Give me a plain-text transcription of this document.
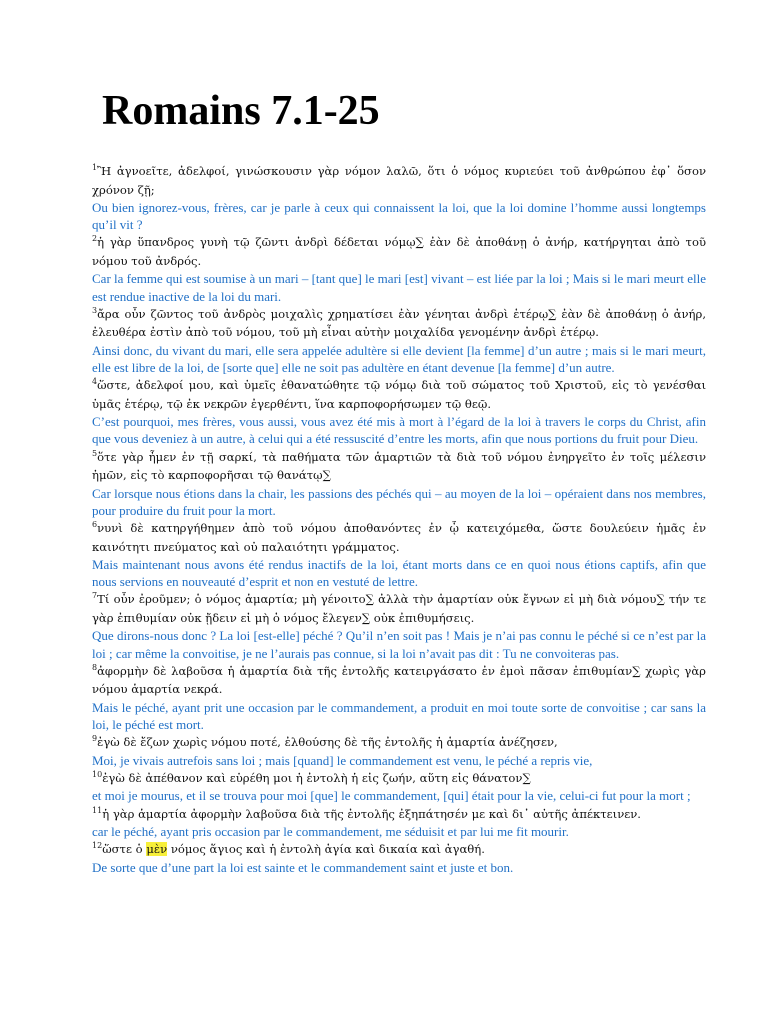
Romains 7.1-25

$^1$Ἢ ἀγνοεῖτε, ἀδελφοί, γινώσκουσιν γὰρ νόμον λαλῶ, ὅτι ὁ νόμος κυριεύει τοῦ ἀνθρώπου ἐφ᾽ ὅσον χρόνον ζῇ;

Ou bien ignorez-vous, frères, car je parle à ceux qui connaissent la loi, que la loi domine l’homme aussi longtemps qu’il vit ?

$^2$ἡ γὰρ ὕπανδρος γυνὴ τῷ ζῶντι ἀνδρὶ δέδεται νόμῳ∑ ἐὰν δὲ ἀποθάνῃ ὁ ἀνήρ, κατήργηται ἀπὸ τοῦ νόμου τοῦ ἀνδρός.

Car la femme qui est soumise à un mari – [tant que] le mari [est] vivant – est liée par la loi ; Mais si le mari meurt elle est rendue inactive de la loi du mari.

$^3$ἄρα οὖν ζῶντος τοῦ ἀνδρὸς μοιχαλὶς χρηματίσει ἐὰν γένηται ἀνδρὶ ἑτέρῳ∑ ἐὰν δὲ ἀποθάνῃ ὁ ἀνήρ, ἐλευθέρα ἐστὶν ἀπὸ τοῦ νόμου, τοῦ μὴ εἶναι αὐτὴν μοιχαλίδα γενομένην ἀνδρὶ ἑτέρῳ.

Ainsi donc, du vivant du mari, elle sera appelée adultère si elle devient [la femme] d’un autre ; mais si le mari meurt, elle est libre de la loi, de [sorte que] elle ne soit pas adultère en étant devenue [la femme] d’un autre.

$^4$ὥστε, ἀδελφοί μου, καὶ ὑμεῖς ἐθανατώθητε τῷ νόμῳ διὰ τοῦ σώματος τοῦ Χριστοῦ, εἰς τὸ γενέσθαι ὑμᾶς ἑτέρῳ, τῷ ἐκ νεκρῶν ἐγερθέντι, ἵνα καρποφορήσωμεν τῷ θεῷ.

C’est pourquoi, mes frères, vous aussi, vous avez été mis à mort à l’égard de la loi à travers le corps du Christ, afin que vous deveniez à un autre, à celui qui a été ressuscité d’entre les morts, afin que nous portions du fruit pour Dieu.

$^5$ὅτε γὰρ ἦμεν ἐν τῇ σαρκί, τὰ παθήματα τῶν ἁμαρτιῶν τὰ διὰ τοῦ νόμου ἐνηργεῖτο ἐν τοῖς μέλεσιν ἡμῶν, εἰς τὸ καρποφορῆσαι τῷ θανάτῳ∑

Car lorsque nous étions dans la chair, les passions des péchés qui – au moyen de la loi – opéraient dans nos membres, pour produire du fruit pour la mort.

$^6$νυνὶ δὲ κατηργήθημεν ἀπὸ τοῦ νόμου ἀποθανόντες ἐν ᾧ κατειχόμεθα, ὥστε δουλεύειν ἡμᾶς ἐν καινότητι πνεύματος καὶ οὐ παλαιότητι γράμματος.

Mais maintenant nous avons été rendus inactifs de la loi, étant morts dans ce en quoi nous étions captifs, afin que nous servions en nouveauté d’esprit et non en vestuté de lettre.

$^7$Τί οὖν ἐροῦμεν; ὁ νόμος ἁμαρτία; μὴ γένοιτο∑ ἀλλὰ τὴν ἁμαρτίαν οὐκ ἔγνων εἰ μὴ διὰ νόμου∑ τήν τε γὰρ ἐπιθυμίαν οὐκ ᾔδειν εἰ μὴ ὁ νόμος ἔλεγεν∑ οὐκ ἐπιθυμήσεις.

Que dirons-nous donc ? La loi [est-elle] péché ? Qu’il n’en soit pas ! Mais je n’ai pas connu le péché si ce n’est par la loi ; car même la convoitise, je ne l’aurais pas connue, si la loi n’avait pas dit : Tu ne convoiteras pas.

$^8$ἀφορμὴν δὲ λαβοῦσα ἡ ἁμαρτία διὰ τῆς ἐντολῆς κατειργάσατο ἐν ἐμοὶ πᾶσαν ἐπιθυμίαν∑ χωρὶς γὰρ νόμου ἁμαρτία νεκρά.

Mais le péché, ayant prit une occasion par le commandement, a produit en moi toute sorte de convoitise ; car sans la loi, le péché est mort.

$^9$ἐγὼ δὲ ἔζων χωρὶς νόμου ποτέ, ἐλθούσης δὲ τῆς ἐντολῆς ἡ ἁμαρτία ἀνέζησεν,

Moi, je vivais autrefois sans loi ; mais [quand] le commandement est venu, le péché a repris vie,

$^{10}$ἐγὼ δὲ ἀπέθανον καὶ εὑρέθη μοι ἡ ἐντολὴ ἡ εἰς ζωήν, αὕτη εἰς θάνατον∑

et moi je mourus, et il se trouva pour moi [que] le commandement, [qui] était pour la vie, celui-ci fut pour la mort ;

$^{11}$ἡ γὰρ ἁμαρτία ἀφορμὴν λαβοῦσα διὰ τῆς ἐντολῆς ἐξηπάτησέν με καὶ δι᾽ αὐτῆς ἀπέκτεινεν.

car le péché, ayant pris occasion par le commandement, me séduisit et par lui me fit mourir.

$^{12}$ὥστε ὁ μὲν νόμος ἅγιος καὶ ἡ ἐντολὴ ἁγία καὶ δικαία καὶ ἀγαθή.

De sorte que d’une part la loi est sainte et le commandement saint et juste et bon.
